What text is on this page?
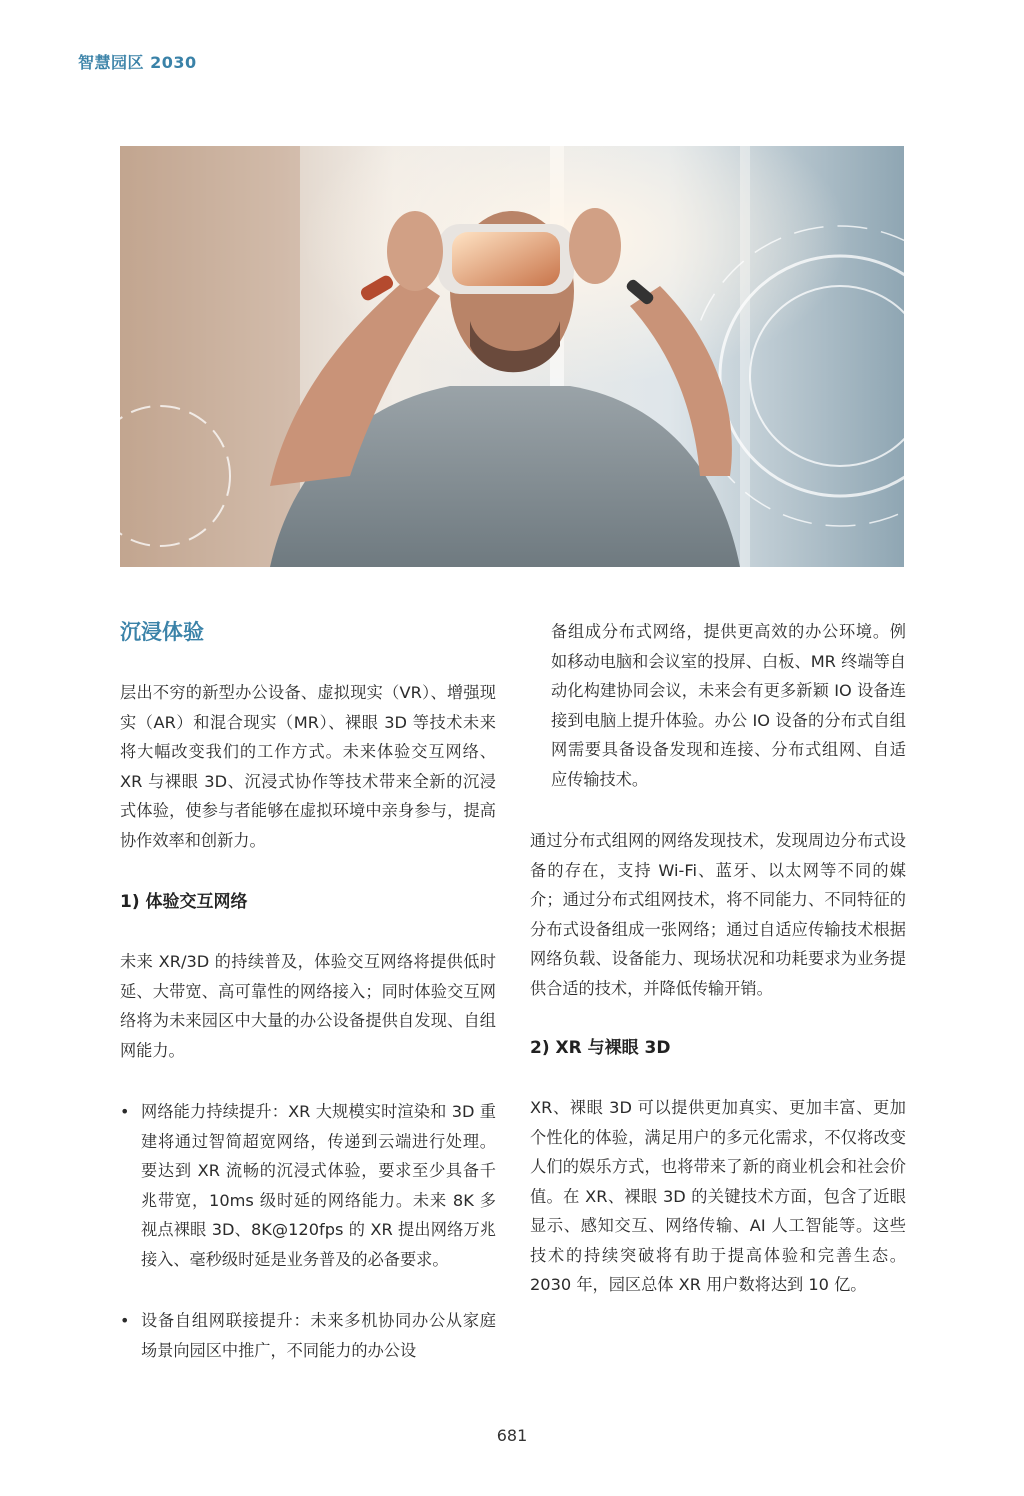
智慧园区 2030
沉浸体验

层出不穷的新型办公设备、虚拟现实（VR）、增强现实（AR）和混合现实（MR）、裸眼 3D 等技术未来将大幅改变我们的工作方式。未来体验交互网络、XR 与裸眼 3D、沉浸式协作等技术带来全新的沉浸式体验，使参与者能够在虚拟环境中亲身参与，提高协作效率和创新力。

1) 体验交互网络

未来 XR/3D 的持续普及，体验交互网络将提供低时延、大带宽、高可靠性的网络接入；同时体验交互网络将为未来园区中大量的办公设备提供自发现、自组网能力。

• 网络能力持续提升：XR 大规模实时渲染和 3D 重建将通过智简超宽网络，传递到云端进行处理。要达到 XR 流畅的沉浸式体验，要求至少具备千兆带宽，10ms 级时延的网络能力。未来 8K 多视点裸眼 3D、8K@120fps 的 XR 提出网络万兆接入、毫秒级时延是业务普及的必备要求。

• 设备自组网联接提升：未来多机协同办公从家庭场景向园区中推广，不同能力的办公设

备组成分布式网络，提供更高效的办公环境。例如移动电脑和会议室的投屏、白板、MR 终端等自动化构建协同会议，未来会有更多新颖 IO 设备连接到电脑上提升体验。办公 IO 设备的分布式自组网需要具备设备发现和连接、分布式组网、自适应传输技术。

通过分布式组网的网络发现技术，发现周边分布式设备的存在，支持 Wi-Fi、蓝牙、以太网等不同的媒介；通过分布式组网技术，将不同能力、不同特征的分布式设备组成一张网络；通过自适应传输技术根据网络负载、设备能力、现场状况和功耗要求为业务提供合适的技术，并降低传输开销。

2) XR 与裸眼 3D

XR、裸眼 3D 可以提供更加真实、更加丰富、更加个性化的体验，满足用户的多元化需求，不仅将改变人们的娱乐方式，也将带来了新的商业机会和社会价值。在 XR、裸眼 3D 的关键技术方面，包含了近眼显示、感知交互、网络传输、AI 人工智能等。这些技术的持续突破将有助于提高体验和完善生态。2030 年，园区总体 XR 用户数将达到 10 亿。

681
